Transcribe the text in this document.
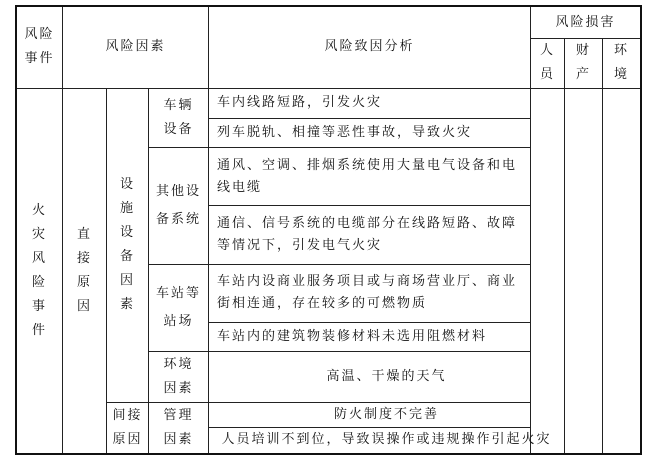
风险事件	风险因素			风险致因分析	风险损害		
					人员	财产	环境
火灾风险事件	直接原因	设施设备因素	车辆设备	车内线路短路，引发火灾			
				列车脱轨、相撞等恶性事故，导致火灾			
			其他设备系统	通风、空调、排烟系统使用大量电气设备和电线电缆			
				通信、信号系统的电缆部分在线路短路、故障等情况下，引发电气火灾			
			车站等站场	车站内设商业服务项目或与商场营业厅、商业街相连通，存在较多的可燃物质			
				车站内的建筑物装修材料未选用阻燃材料			
			环境因素	高温、干燥的天气			
		间接原因	管理因素	防火制度不完善			
				人员培训不到位，导致误操作或违规操作引起火灾			
